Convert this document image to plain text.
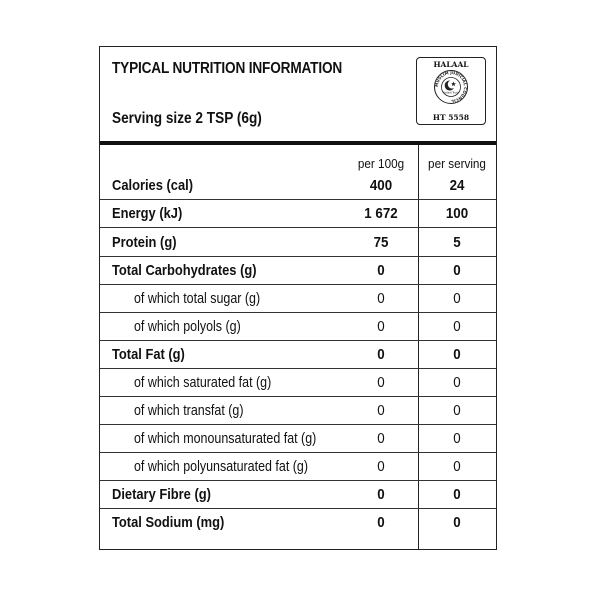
TYPICAL NUTRITION INFORMATION
Serving size 2 TSP (6g)
HALAAL
MUSLIM JUDICIAL COUNCIL
Halaal Trust
HT 5558
per 100g	per serving
Calories (cal)	400	24
Energy (kJ)	1 672	100
Protein (g)	75	5
Total Carbohydrates (g)	0	0
of which total sugar (g)	0	0
of which polyols (g)	0	0
Total Fat (g)	0	0
of which saturated fat (g)	0	0
of which transfat (g)	0	0
of which monounsaturated fat (g)	0	0
of which polyunsaturated fat (g)	0	0
Dietary Fibre (g)	0	0
Total Sodium (mg)	0	0
